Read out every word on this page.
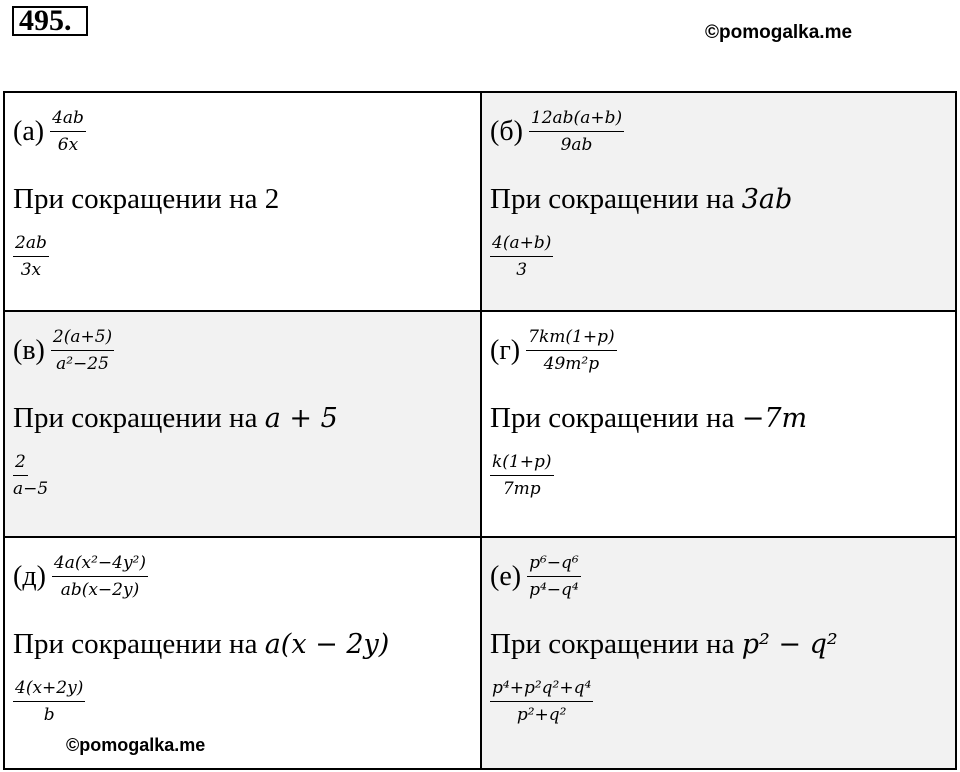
495.	©pomogalka.me
$(а) \frac{4ab}{6x}$
При сокращении на 2
$\frac{2ab}{3x}$
$(б) \frac{12ab(a+b)}{9ab}$
При сокращении на 3ab
$\frac{4(a+b)}{3}$
$(в) \frac{2(a+5)}{\text{a²−25}}$
При сокращении на a + 5
$\frac{2}{a-5}$
$(г) \frac{7km(1+p)}{\text{49m²p}}$
При сокращении на −7m
$\frac{k(1+p)}{7mp}$
$(д) \frac{\text{4a(x²−4y²)}}{ab(x-2y)}$
При сокращении на a(x − 2y)
$\frac{4(x+2y)}{b}$
$(е) \frac{\text{p⁶−q⁶}}{\text{p⁴−q⁴}}$
При сокращении на p² − q²
$\frac{\text{p⁴+p²q²+q⁴}}{\text{p²+q²}}$
©pomogalka.me
